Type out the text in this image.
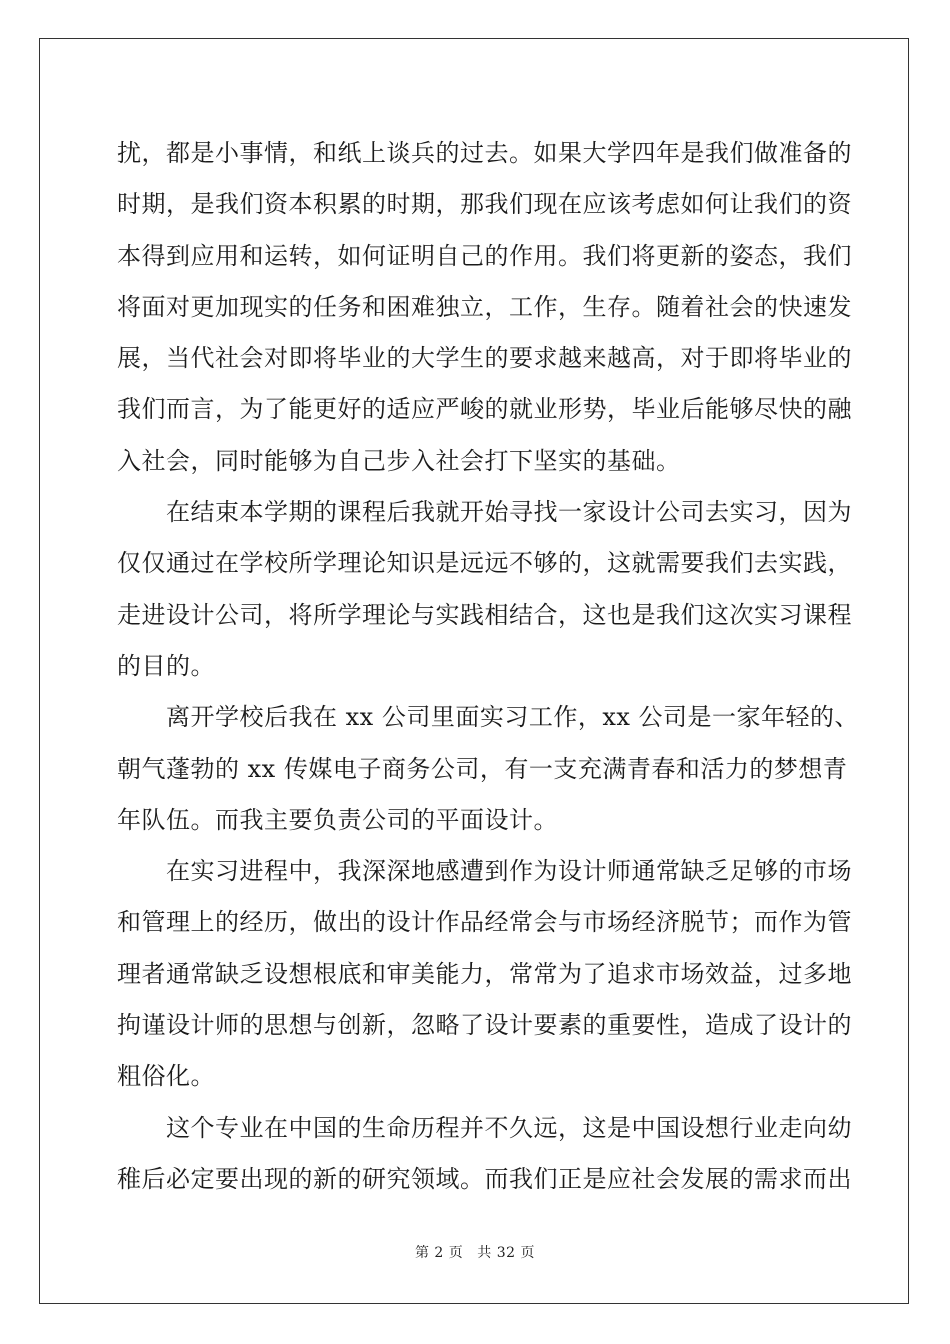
扰，都是小事情，和纸上谈兵的过去。如果大学四年是我们做准备的
时期，是我们资本积累的时期，那我们现在应该考虑如何让我们的资
本得到应用和运转，如何证明自己的作用。我们将更新的姿态，我们
将面对更加现实的任务和困难独立，工作，生存。随着社会的快速发
展，当代社会对即将毕业的大学生的要求越来越高，对于即将毕业的
我们而言，为了能更好的适应严峻的就业形势，毕业后能够尽快的融
入社会，同时能够为自己步入社会打下坚实的基础。
　　在结束本学期的课程后我就开始寻找一家设计公司去实习，因为
仅仅通过在学校所学理论知识是远远不够的，这就需要我们去实践，
走进设计公司，将所学理论与实践相结合，这也是我们这次实习课程
的目的。
　　离开学校后我在 xx 公司里面实习工作，xx 公司是一家年轻的、
朝气蓬勃的 xx 传媒电子商务公司，有一支充满青春和活力的梦想青
年队伍。而我主要负责公司的平面设计。
　　在实习进程中，我深深地感遭到作为设计师通常缺乏足够的市场
和管理上的经历，做出的设计作品经常会与市场经济脱节；而作为管
理者通常缺乏设想根底和审美能力，常常为了追求市场效益，过多地
拘谨设计师的思想与创新，忽略了设计要素的重要性，造成了设计的
粗俗化。
　　这个专业在中国的生命历程并不久远，这是中国设想行业走向幼
稚后必定要出现的新的研究领域。而我们正是应社会发展的需求而出
第 2 页 共 32 页
